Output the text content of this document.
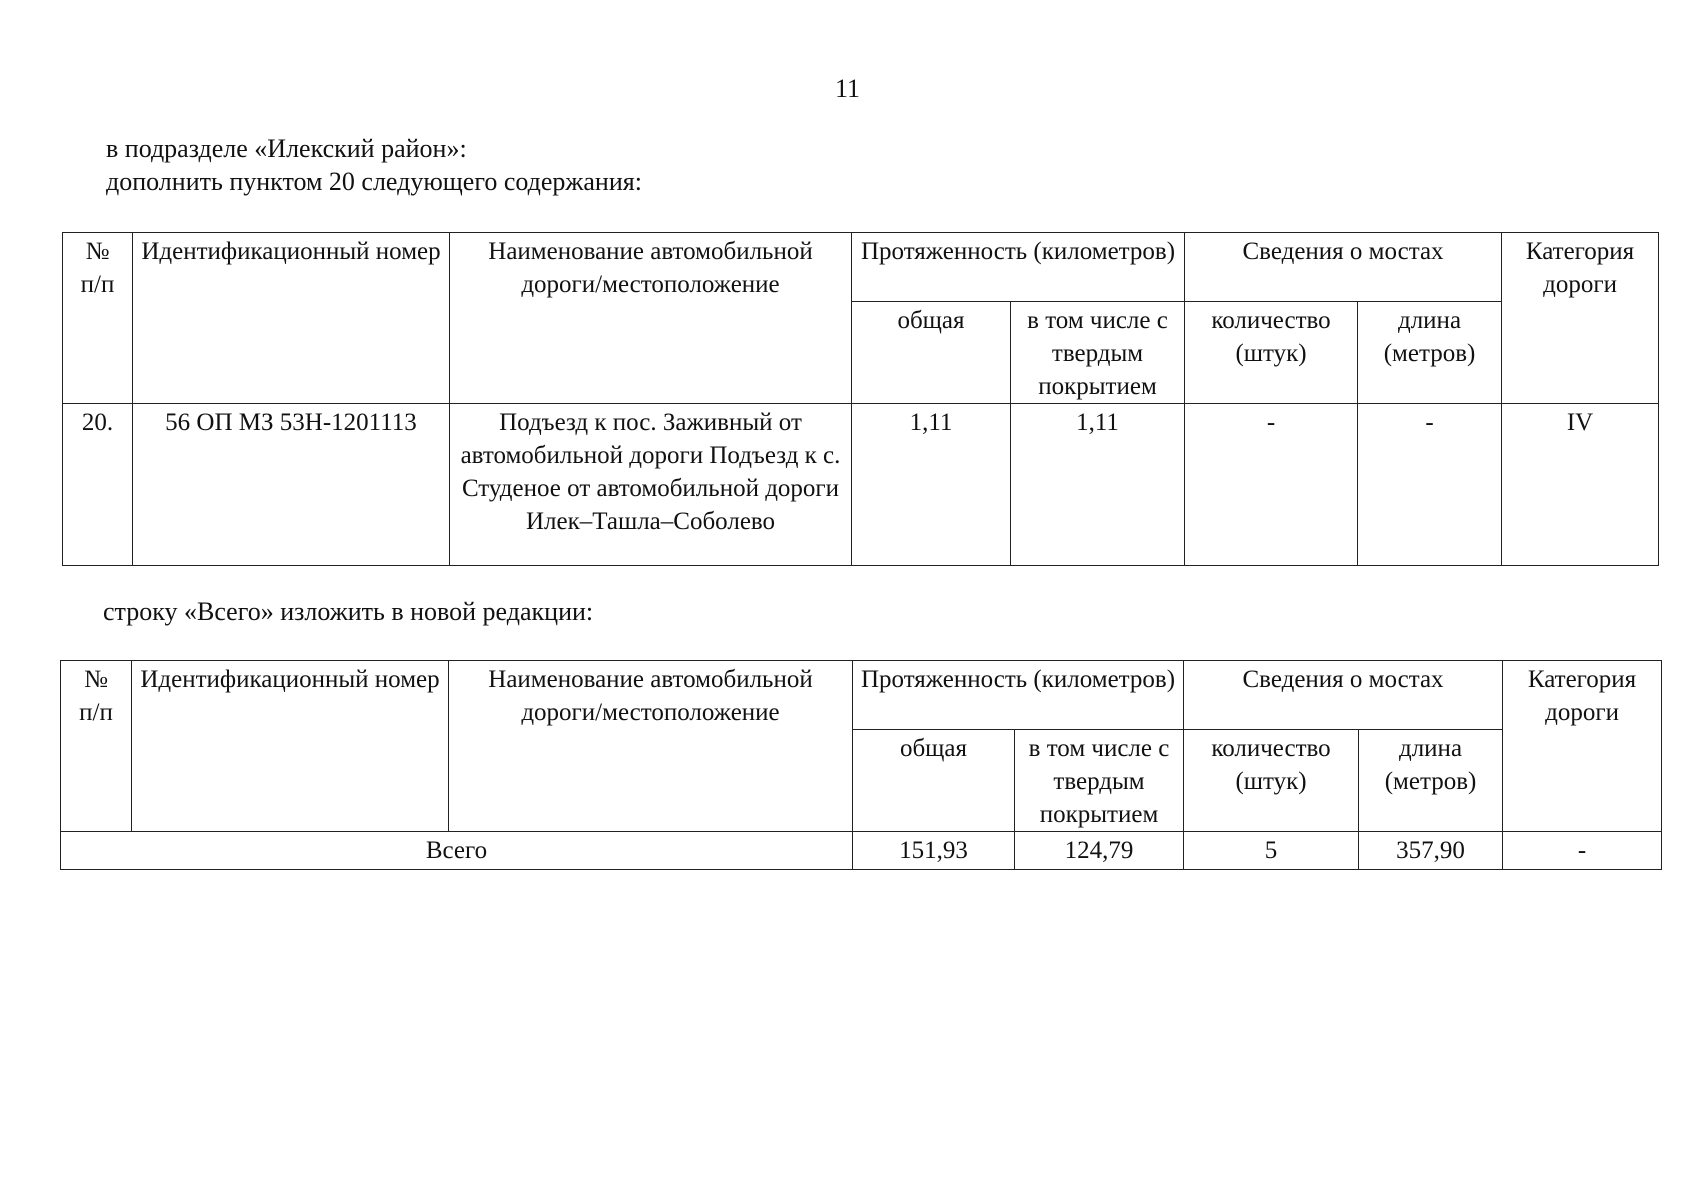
11
в подразделе «Илекский район»:
дополнить пунктом 20 следующего содержания:
№
п/п	Идентификационный номер	Наименование автомобильной дороги/местоположение	Протяженность (километров)		Сведения о мостах		Категория дороги
			общая	в том числе с твердым покрытием	количество (штук)	длина (метров)	
20.	56 ОП МЗ 53Н-1201113	Подъезд к пос. Заживный от автомобильной дороги Подъезд к с. Студеное от автомобильной дороги Илек–Ташла–Соболево	1,11	1,11	-	-	IV
строку «Всего» изложить в новой редакции:
№
п/п	Идентификационный номер	Наименование автомобильной дороги/местоположение	Протяженность (километров)		Сведения о мостах		Категория дороги
			общая	в том числе с твердым покрытием	количество (штук)	длина (метров)	
Всего			151,93	124,79	5	357,90	-
